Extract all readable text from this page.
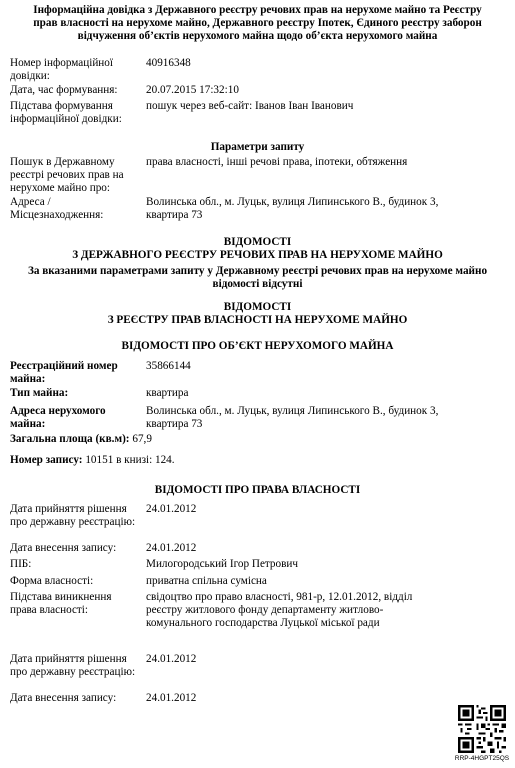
Інформаційна довідка з Державного реєстру речових прав на нерухоме майно та Реєстру
прав власності на нерухоме майно, Державного реєстру Іпотек, Єдиного реєстру заборон
відчуження об’єктів нерухомого майна щодо об’єкта нерухомого майна
Номер інформаційної довідки:
40916348
Дата, час формування:	20.07.2015 17:32:10
Підстава формування інформаційної довідки:
пошук через веб-сайт: Іванов Іван Іванович
Параметри запиту
Пошук в Державному реєстрі речових прав на нерухоме майно про:
права власності, інші речові права, іпотеки, обтяження
Адреса / Місцезнаходження:
Волинська обл., м. Луцьк, вулиця Липинського В., будинок 3, квартира 73
ВІДОМОСТІ
З ДЕРЖАВНОГО РЕЄСТРУ РЕЧОВИХ ПРАВ НА НЕРУХОМЕ МАЙНО
За вказаними параметрами запиту у Державному реєстрі речових прав на нерухоме майно
відомості відсутні
ВІДОМОСТІ
З РЕЄСТРУ ПРАВ ВЛАСНОСТІ НА НЕРУХОМЕ МАЙНО
ВІДОМОСТІ ПРО ОБ’ЄКТ НЕРУХОМОГО МАЙНА
Реєстраційний номер майна:
35866144
Тип майна:	квартира
Адреса нерухомого майна:
Волинська обл., м. Луцьк, вулиця Липинського В., будинок 3, квартира 73
Загальна площа (кв.м): 67,9
Номер запису: 10151 в книзі: 124.
ВІДОМОСТІ ПРО ПРАВА ВЛАСНОСТІ
Дата прийняття рішення про державну реєстрацію:
24.01.2012
Дата внесення запису:	24.01.2012
ПІБ:	Милогородський Ігор Петрович
Форма власності:	приватна спільна сумісна
Підстава виникнення права власності:
свідоцтво про право власності, 981-р, 12.01.2012, відділ реєстру житлового фонду департаменту житлово-комунального господарства Луцької міської ради
Дата прийняття рішення про державну реєстрацію:
24.01.2012
Дата внесення запису:	24.01.2012
RRP-4HGPT25QS
